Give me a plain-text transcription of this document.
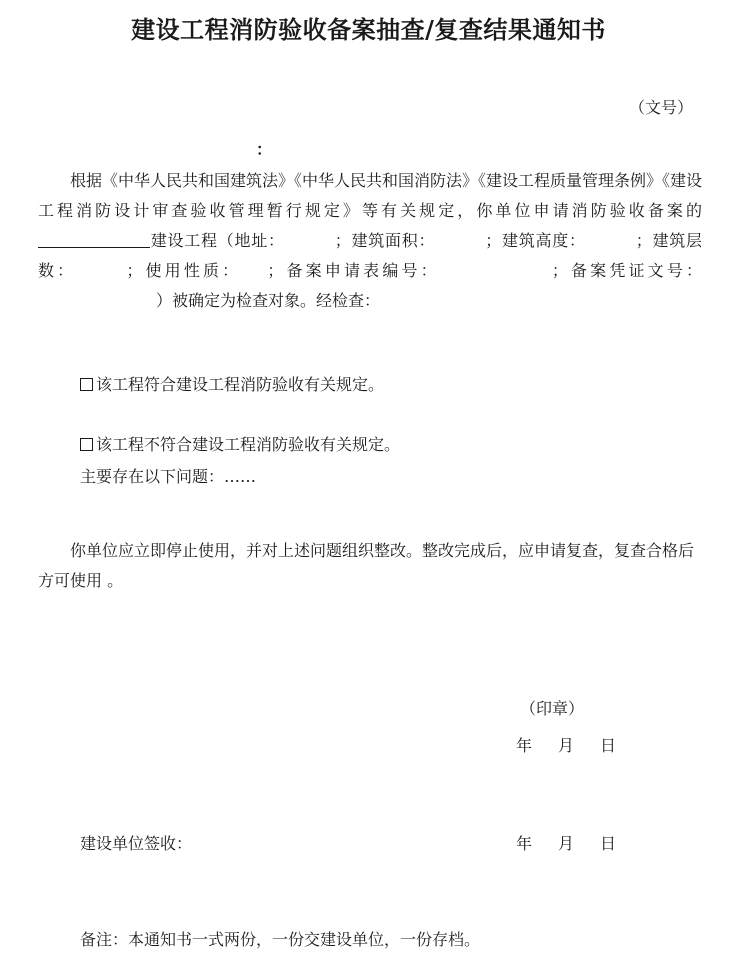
建设工程消防验收备案抽查/复查结果通知书
（文号）
：

根据《中华人民共和国建筑法》《中华人民共和国消防法》《建设工程质量管理条例》《建设工程消防设计审查验收管理暂行规定》等有关规定，你单位申请消防验收备案的建设工程（地址：	；建筑面积：	；建筑高度：	；建筑层数：	；使用性质： ；备案申请表编号：	；备案凭证文号：）被确定为检查对象。经检查：

该工程符合建设工程消防验收有关规定。
该工程不符合建设工程消防验收有关规定。
主要存在以下问题：……

你单位应立即停止使用，并对上述问题组织整改。整改完成后，应申请复查，复查合格后方可使用 。

（印章）
年 月 日
建设单位签收：	年 月 日
备注：本通知书一式两份，一份交建设单位，一份存档。
